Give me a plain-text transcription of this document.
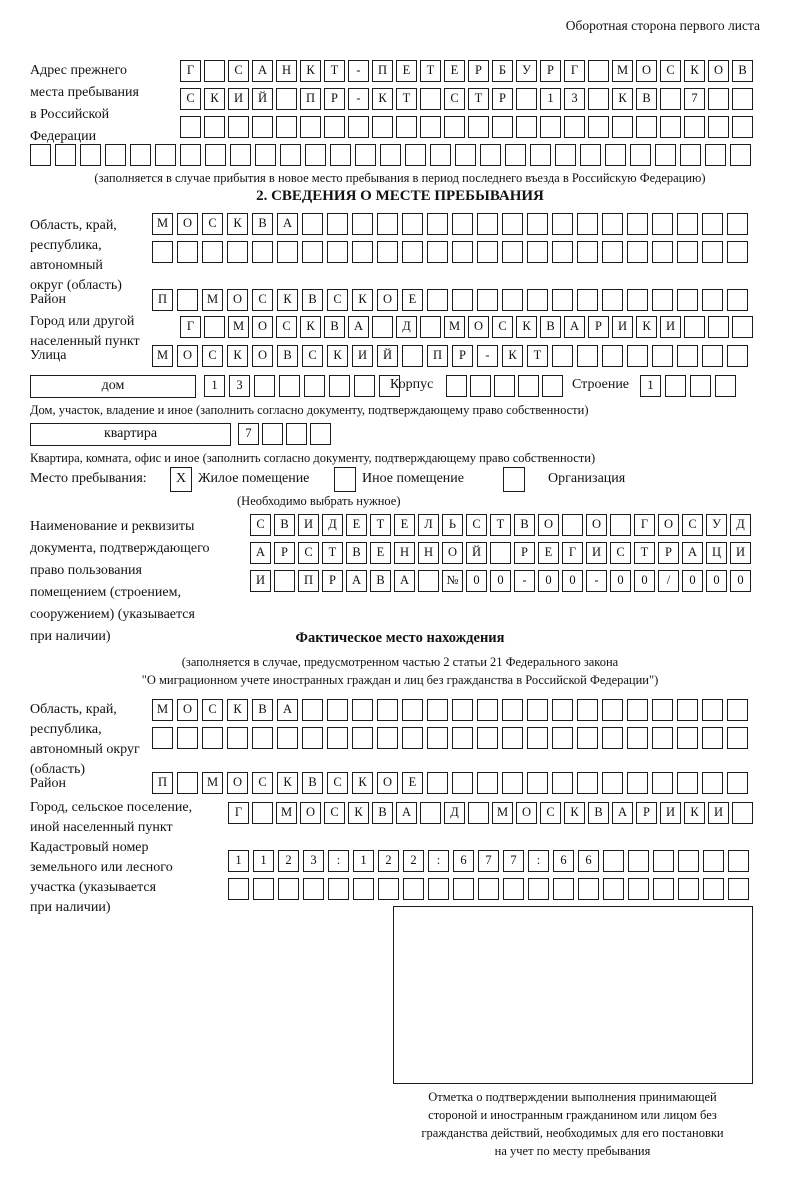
Оборотная сторона первого листа
Адрес прежнего
места пребывания
в Российской
Федерации
Г	С А Н К Т - П Е Т Е Р Б У Р Г	М О С К О В
С К И Й	П Р - К Т	С Т Р	1 3	К В	7
(заполняется в случае прибытия в новое место пребывания в период последнего въезда в Российскую Федерацию)
2. СВЕДЕНИЯ О МЕСТЕ ПРЕБЫВАНИЯ
Область, край,
республика,
автономный
округ (область)
М О С К В А
Район	П	М О С К В С К О Е
Город или другой
населенный пункт
Г	М О С К В А	Д	М О С К В А Р И К И
Улица	М О С К О В С К И Й	П Р - К Т
дом	1 3	Корпус	Строение	1
Дом, участок, владение и иное (заполнить согласно документу, подтверждающему право собственности)
квартира	7
Квартира, комната, офис и иное (заполнить согласно документу, подтверждающему право собственности)
Место пребывания:	X Жилое помещение	Иное помещение	Организация
(Необходимо выбрать нужное)
Наименование и реквизиты
документа, подтверждающего
право пользования
помещением (строением,
сооружением) (указывается
при наличии)
С В И Д Е Т Е Л Ь С Т В О	О	Г О С У Д
А Р С Т В Е Н Н О Й	Р Е Г И С Т Р А Ц И
И	П Р А В А	№ 0 0 - 0 0 - 0 0 / 0 0 0
Фактическое место нахождения
(заполняется в случае, предусмотренном частью 2 статьи 21 Федерального закона
"О миграционном учете иностранных граждан и лиц без гражданства в Российской Федерации")
Область, край,
республика,
автономный округ
(область)
М О С К В А
Район	П	М О С К В С К О Е
Город, сельское поселение,
иной населенный пункт
Г	М О С К В А	Д	М О С К В А Р И К И
Кадастровый номер
земельного или лесного
участка (указывается
при наличии)
1 1 2 3 : 1 2 2 : 6 7 7 : 6 6
Отметка о подтверждении выполнения принимающей
стороной и иностранным гражданином или лицом без
гражданства действий, необходимых для его постановки
на учет по месту пребывания
